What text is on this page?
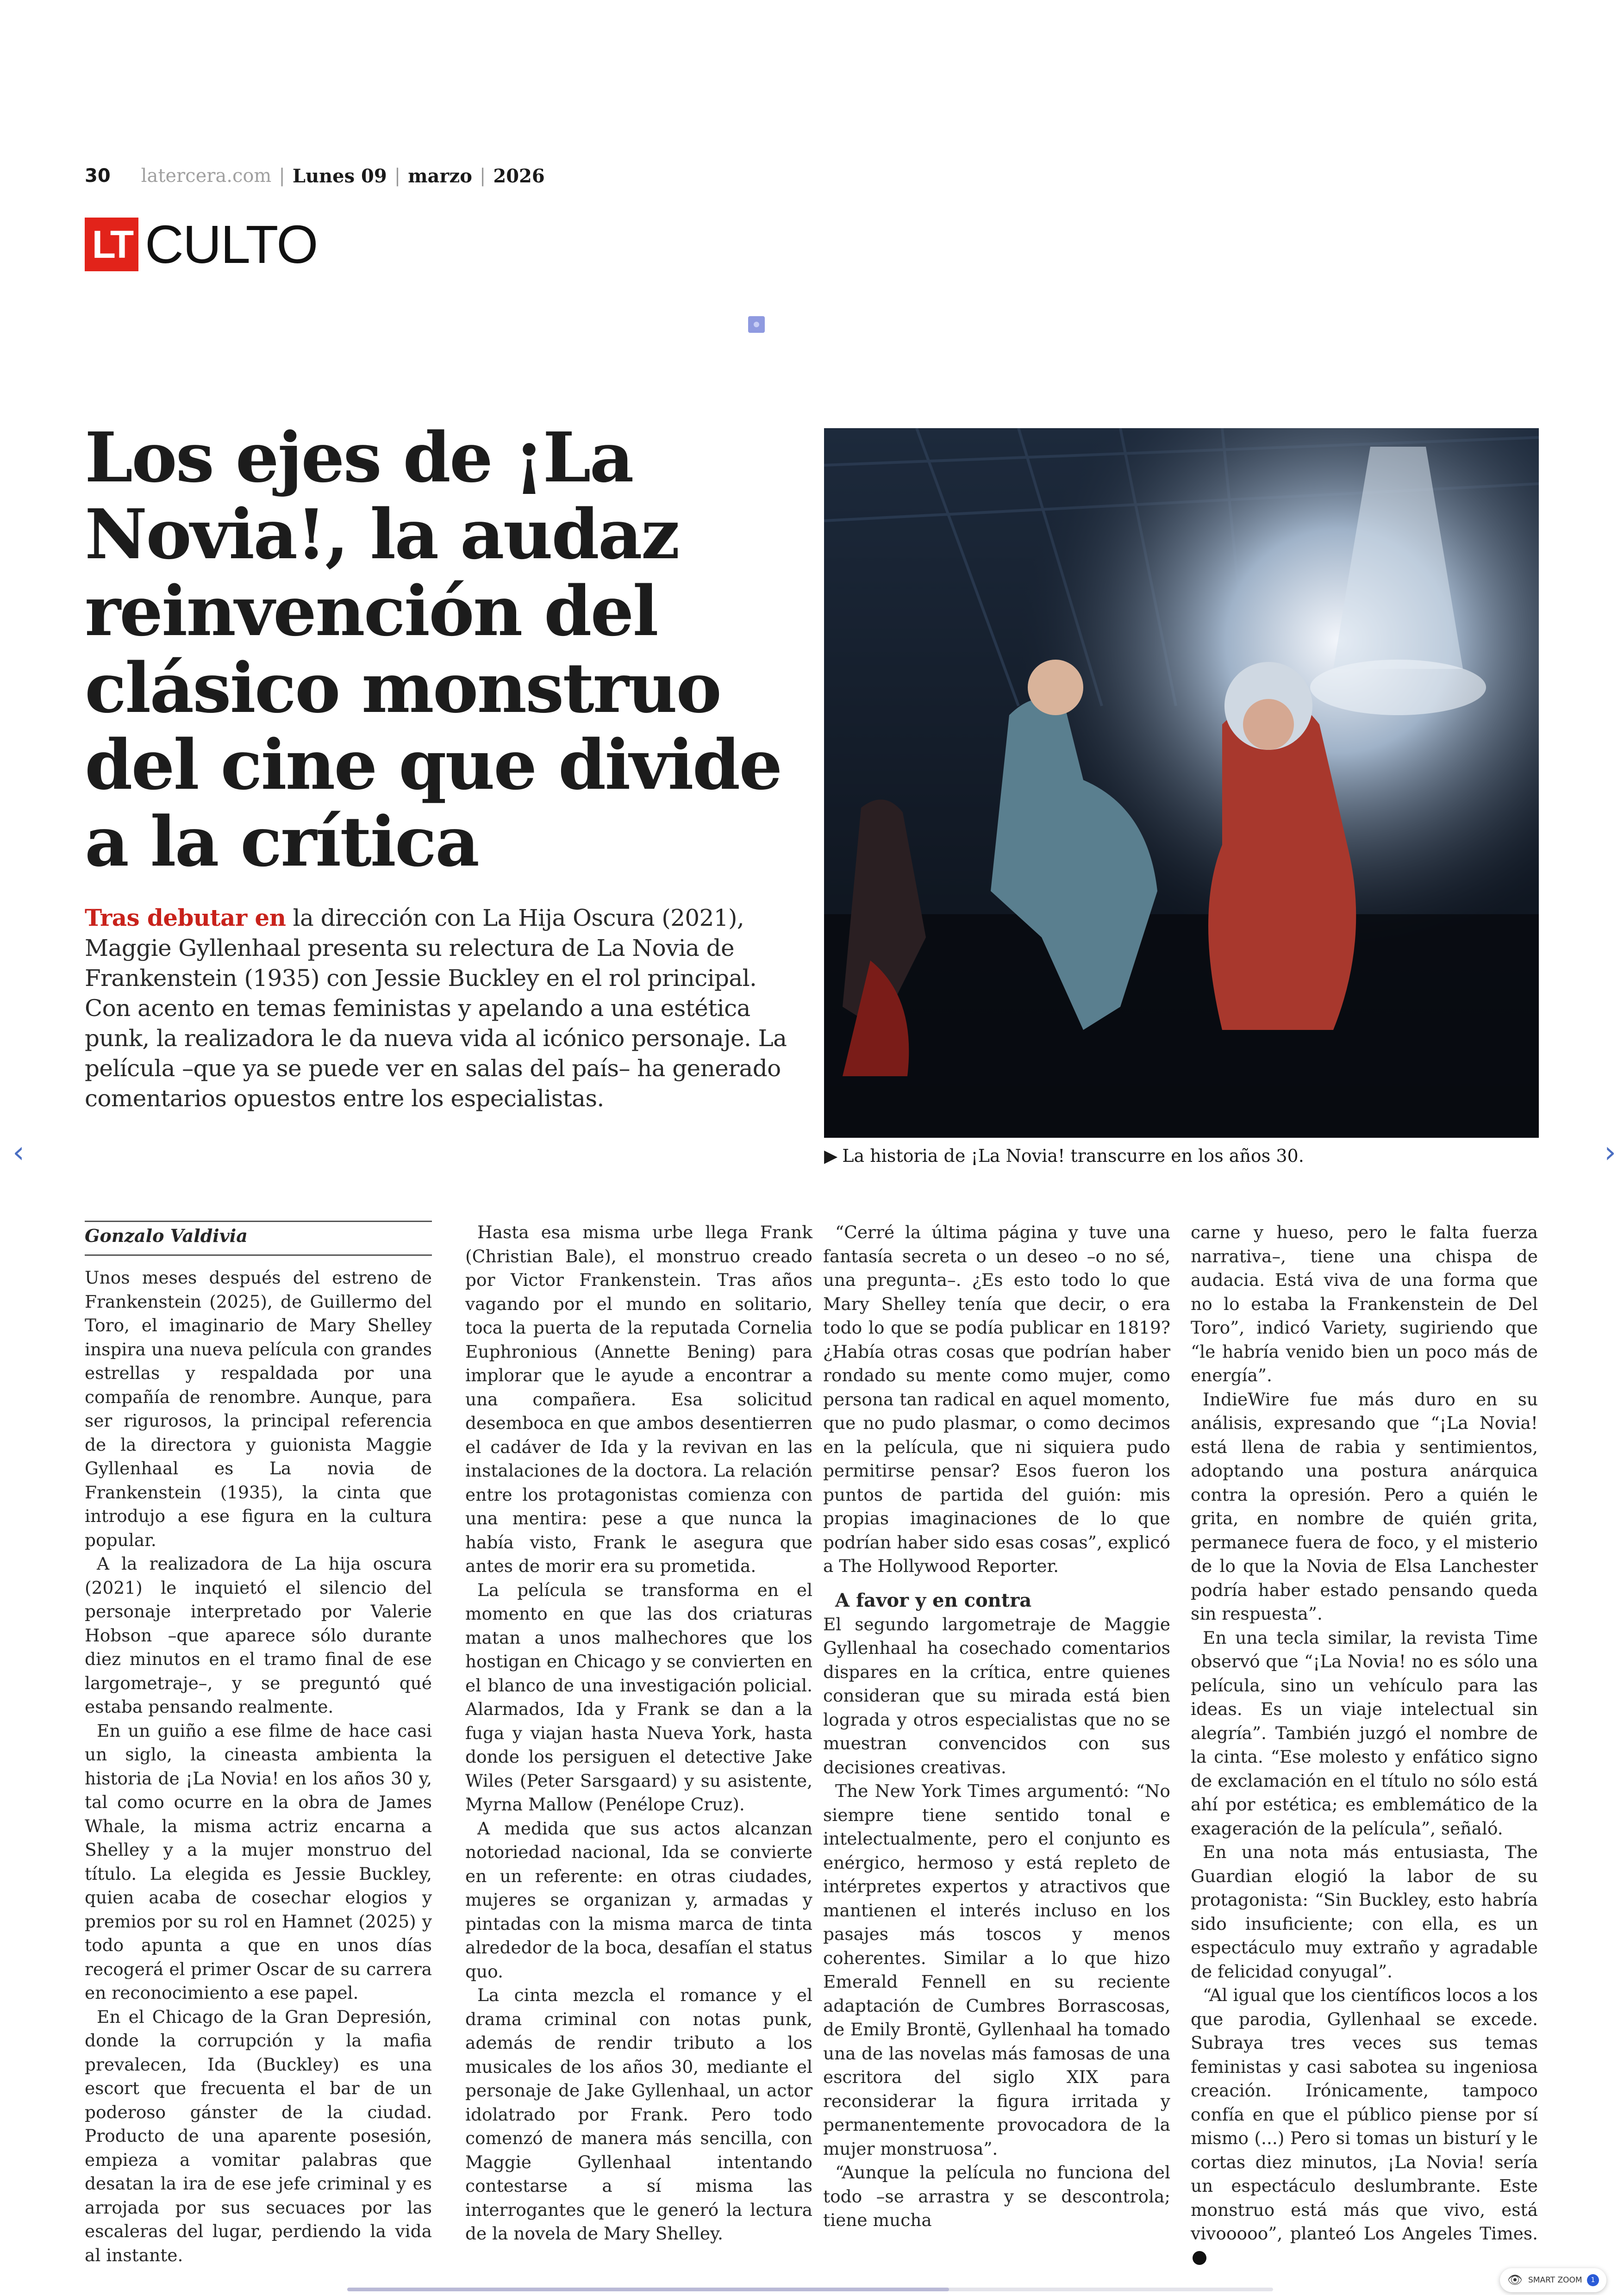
30 latercera.com | Lunes 09 | marzo | 2026
LT CULTO
Los ejes de ¡La Novia!, la audaz reinvención del clásico monstruo del cine que divide a la crítica
Tras debutar en la dirección con La Hija Oscura (2021), Maggie Gyllenhaal presenta su relectura de La Novia de Frankenstein (1935) con Jessie Buckley en el rol principal. Con acento en temas feministas y apelando a una estética punk, la realizadora le da nueva vida al icónico personaje. La película –que ya se puede ver en salas del país– ha generado comentarios opuestos entre los especialistas.
▶ La historia de ¡La Novia! transcurre en los años 30.
‹	›
Gonzalo Valdivia

Unos meses después del estreno de Frankenstein (2025), de Guillermo del Toro, el imaginario de Mary Shelley inspira una nueva película con grandes estrellas y respaldada por una compañía de renombre. Aunque, para ser rigurosos, la principal referencia de la directora y guionista Maggie Gyllenhaal es La novia de Frankenstein (1935), la cinta que introdujo a ese figura en la cultura popular.

A la realizadora de La hija oscura (2021) le inquietó el silencio del personaje interpretado por Valerie Hobson –que aparece sólo durante diez minutos en el tramo final de ese largometraje–, y se preguntó qué estaba pensando realmente.

En un guiño a ese filme de hace casi un siglo, la cineasta ambienta la historia de ¡La Novia! en los años 30 y, tal como ocurre en la obra de James Whale, la misma actriz encarna a Shelley y a la mujer monstruo del título. La elegida es Jessie Buckley, quien acaba de cosechar elogios y premios por su rol en Hamnet (2025) y todo apunta a que en unos días recogerá el primer Oscar de su carrera en reconocimiento a ese papel.

En el Chicago de la Gran Depresión, donde la corrupción y la mafia prevalecen, Ida (Buckley) es una escort que frecuenta el bar de un poderoso gánster de la ciudad. Producto de una aparente posesión, empieza a vomitar palabras que desatan la ira de ese jefe criminal y es arrojada por sus secuaces por las escaleras del lugar, perdiendo la vida al instante.

Hasta esa misma urbe llega Frank (Christian Bale), el monstruo creado por Victor Frankenstein. Tras años vagando por el mundo en solitario, toca la puerta de la reputada Cornelia Euphronious (Annette Bening) para implorar que le ayude a encontrar a una compañera. Esa solicitud desemboca en que ambos desentierren el cadáver de Ida y la revivan en las instalaciones de la doctora. La relación entre los protagonistas comienza con una mentira: pese a que nunca la había visto, Frank le asegura que antes de morir era su prometida.

La película se transforma en el momento en que las dos criaturas matan a unos malhechores que los hostigan en Chicago y se convierten en el blanco de una investigación policial. Alarmados, Ida y Frank se dan a la fuga y viajan hasta Nueva York, hasta donde los persiguen el detective Jake Wiles (Peter Sarsgaard) y su asistente, Myrna Mallow (Penélope Cruz).

A medida que sus actos alcanzan notoriedad nacional, Ida se convierte en un referente: en otras ciudades, mujeres se organizan y, armadas y pintadas con la misma marca de tinta alrededor de la boca, desafían el status quo.

La cinta mezcla el romance y el drama criminal con notas punk, además de rendir tributo a los musicales de los años 30, mediante el personaje de Jake Gyllenhaal, un actor idolatrado por Frank. Pero todo comenzó de manera más sencilla, con Maggie Gyllenhaal intentando contestarse a sí misma las interrogantes que le generó la lectura de la novela de Mary Shelley.

“Cerré la última página y tuve una fantasía secreta o un deseo –o no sé, una pregunta–. ¿Es esto todo lo que Mary Shelley tenía que decir, o era todo lo que se podía publicar en 1819? ¿Había otras cosas que podrían haber rondado su mente como mujer, como persona tan radical en aquel momento, que no pudo plasmar, o como decimos en la película, que ni siquiera pudo permitirse pensar? Esos fueron los puntos de partida del guión: mis propias imaginaciones de lo que podrían haber sido esas cosas”, explicó a The Hollywood Reporter.

A favor y en contra

El segundo largometraje de Maggie Gyllenhaal ha cosechado comentarios dispares en la crítica, entre quienes consideran que su mirada está bien lograda y otros especialistas que no se muestran convencidos con sus decisiones creativas.

The New York Times argumentó: “No siempre tiene sentido tonal e intelectualmente, pero el conjunto es enérgico, hermoso y está repleto de intérpretes expertos y atractivos que mantienen el interés incluso en los pasajes más toscos y menos coherentes. Similar a lo que hizo Emerald Fennell en su reciente adaptación de Cumbres Borrascosas, de Emily Brontë, Gyllenhaal ha tomado una de las novelas más famosas de una escritora del siglo XIX para reconsiderar la figura irritada y permanentemente provocadora de la mujer monstruosa”.

“Aunque la película no funciona del todo –se arrastra y se descontrola; tiene mucha

carne y hueso, pero le falta fuerza narrativa–, tiene una chispa de audacia. Está viva de una forma que no lo estaba la Frankenstein de Del Toro”, indicó Variety, sugiriendo que “le habría venido bien un poco más de energía”.

IndieWire fue más duro en su análisis, expresando que “¡La Novia! está llena de rabia y sentimientos, adoptando una postura anárquica contra la opresión. Pero a quién le grita, en nombre de quién grita, permanece fuera de foco, y el misterio de lo que la Novia de Elsa Lanchester podría haber estado pensando queda sin respuesta”.

En una tecla similar, la revista Time observó que “¡La Novia! no es sólo una película, sino un vehículo para las ideas. Es un viaje intelectual sin alegría”. También juzgó el nombre de la cinta. “Ese molesto y enfático signo de exclamación en el título no sólo está ahí por estética; es emblemático de la exageración de la película”, señaló.

En una nota más entusiasta, The Guardian elogió la labor de su protagonista: “Sin Buckley, esto habría sido insuficiente; con ella, es un espectáculo muy extraño y agradable de felicidad conyugal”.

“Al igual que los científicos locos a los que parodia, Gyllenhaal se excede. Subraya tres veces sus temas feministas y casi sabotea su ingeniosa creación. Irónicamente, tampoco confía en que el público piense por sí mismo (...) Pero si tomas un bisturí y le cortas diez minutos, ¡La Novia! sería un espectáculo deslumbrante. Este monstruo está más que vivo, está vivooooo”, planteó Los Angeles Times.

👁 SMART ZOOM	1
